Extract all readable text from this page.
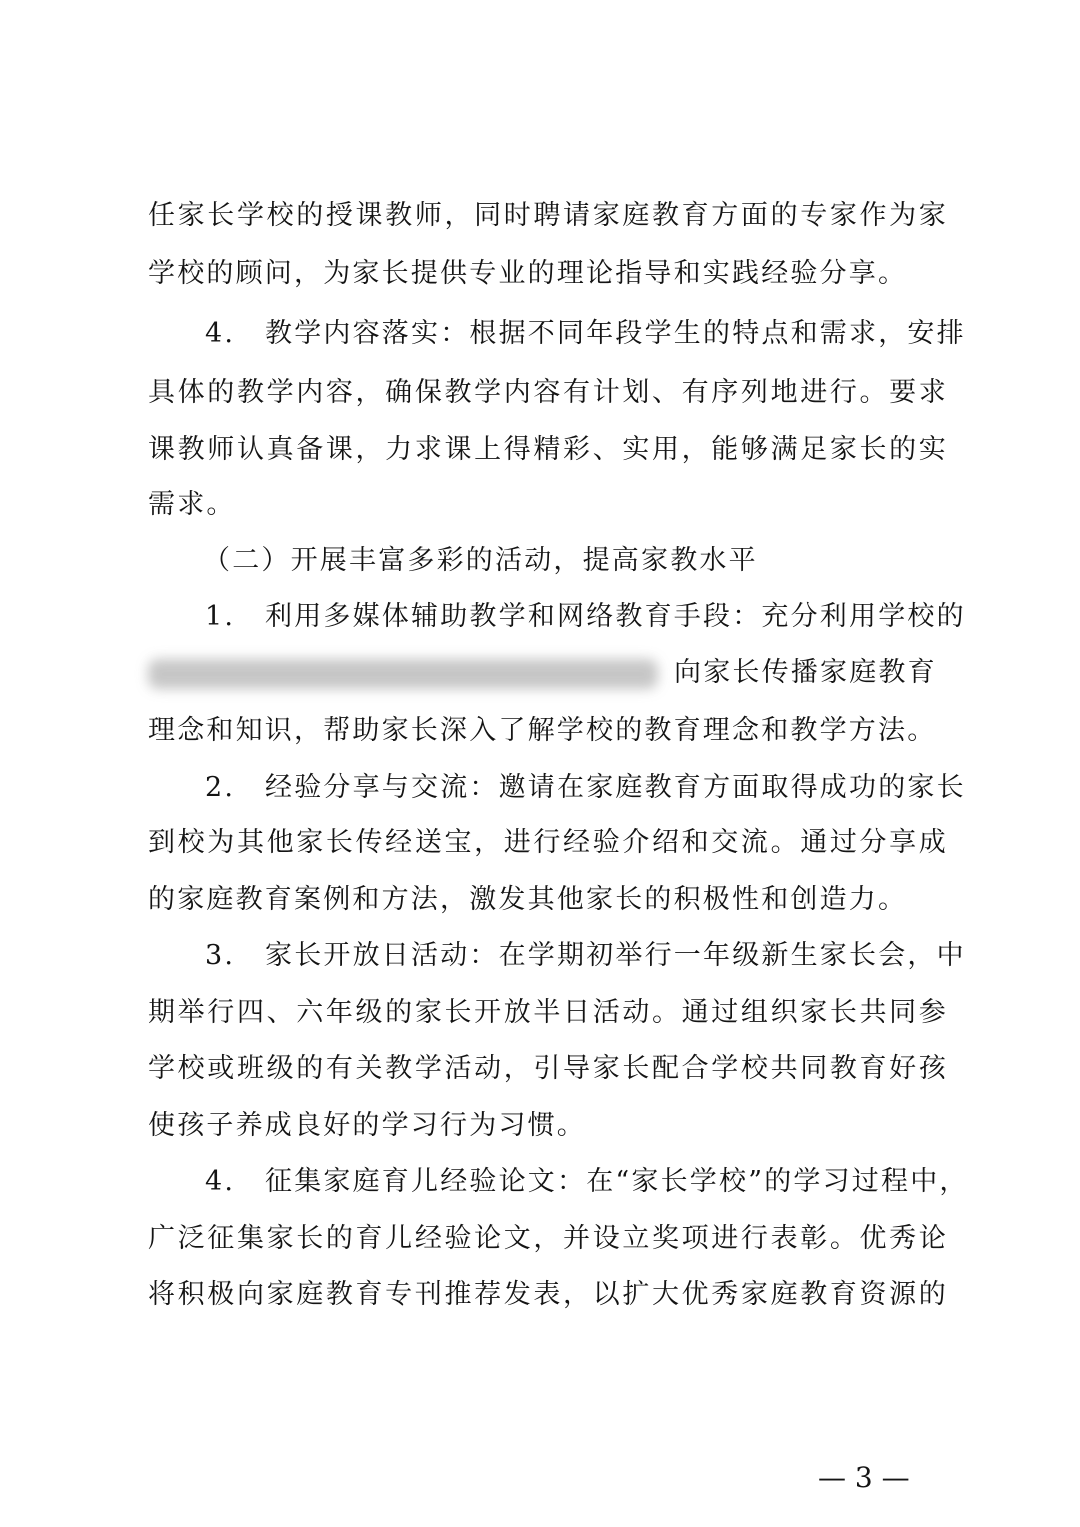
任家长学校的授课教师，同时聘请家庭教育方面的专家作为家
学校的顾问，为家长提供专业的理论指导和实践经验分享。
4. 教学内容落实：根据不同年段学生的特点和需求，安排
具体的教学内容，确保教学内容有计划、有序列地进行。要求
课教师认真备课，力求课上得精彩、实用，能够满足家长的实
需求。
（二）开展丰富多彩的活动，提高家教水平
1. 利用多媒体辅助教学和网络教育手段：充分利用学校的
向家长传播家庭教育
理念和知识，帮助家长深入了解学校的教育理念和教学方法。
2. 经验分享与交流：邀请在家庭教育方面取得成功的家长
到校为其他家长传经送宝，进行经验介绍和交流。通过分享成
的家庭教育案例和方法，激发其他家长的积极性和创造力。
3. 家长开放日活动：在学期初举行一年级新生家长会，中
期举行四、六年级的家长开放半日活动。通过组织家长共同参
学校或班级的有关教学活动，引导家长配合学校共同教育好孩
使孩子养成良好的学习行为习惯。
4. 征集家庭育儿经验论文：在“家长学校”的学习过程中，
广泛征集家长的育儿经验论文，并设立奖项进行表彰。优秀论
将积极向家庭教育专刊推荐发表，以扩大优秀家庭教育资源的
— 3 —
